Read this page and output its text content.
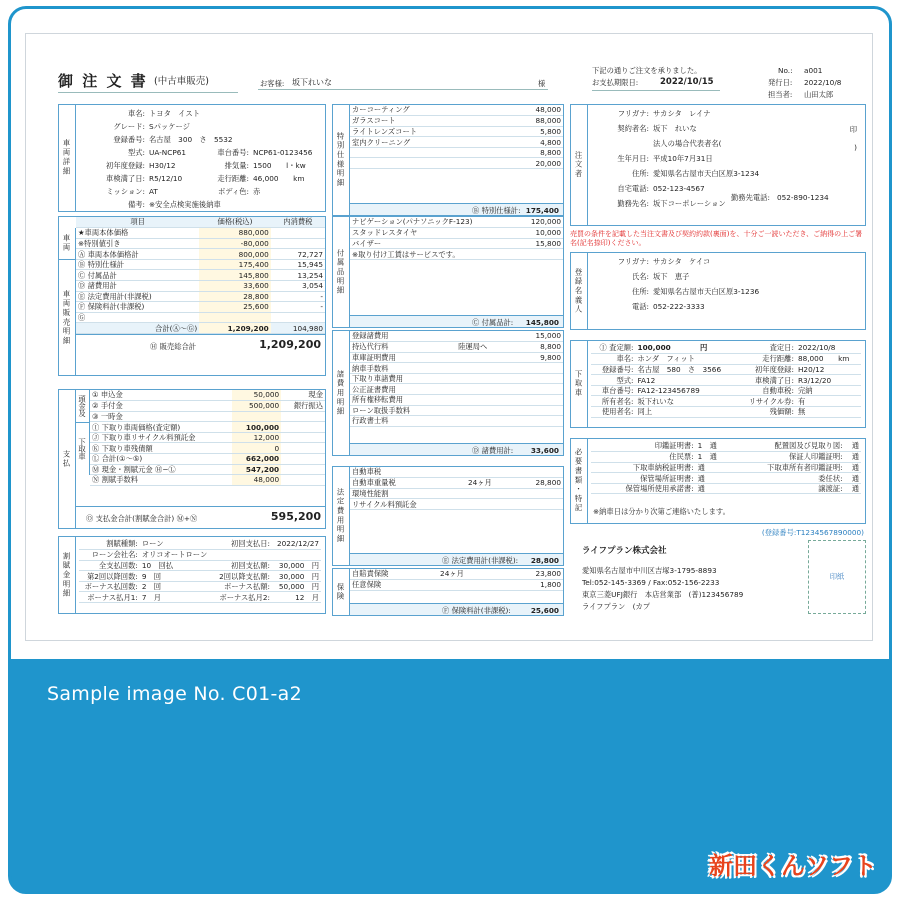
御 注 文 書 (中古車販売)	お客様: 坂下れいな	様
下記の通りご注文を承りました。
お支払期限日:	2022/10/15
No.: a001
発行日: 2022/10/8
担当者: 山田太郎
車両詳細
車名: トヨタ　イスト
グレード: Sパッケージ
登録番号: 名古屋　300　さ　5532
型式: UA-NCP61	車台番号: NCP61-0123456
初年度登録: H30/12	排気量: 1500　　l・kw
車検満了日: R5/12/10	走行距離: 46,000　　km
ミッション: AT	ボディ色: 赤
備考: ※安全点検実施後納車
車両
車両販売明細
項目	価格(税込)	内消費税
★車両本体価格	880,000	
※特別値引き	-80,000	
Ⓐ 車両本体価格計	800,000	72,727
Ⓑ 特別仕様計	175,400	15,945
Ⓒ 付属品計	145,800	13,254
Ⓓ 諸費用計	33,600	3,054
Ⓔ 法定費用計(非課税)	28,800	-
Ⓕ 保険料計(非課税)	25,600	-
Ⓖ		
合計(Ⓐ〜Ⓖ)	1,209,200	104,980
Ⓗ 販売総合計	1,209,200
支払
頭金及
下取車
① 申込金	50,000	現金
② 手付金	500,000	銀行振込
③ 一時金		
Ⓘ 下取り車両価格(査定額)	100,000	
Ⓙ 下取り車リサイクル料預託金	12,000	
Ⓚ 下取り車残債額	0	
Ⓛ 合計(①〜⑤)	662,000	
Ⓜ 現金・割賦元金 Ⓗ−Ⓛ	547,200	
Ⓝ 割賦手数料	48,000	
Ⓞ 支払金合計(割賦金合計) Ⓜ+Ⓝ	595,200
割賦金明細
割賦種類:	ローン	初回支払日:	2022/12/27
ローン会社名:	オリコオートローン		
全支払回数:	10　回払	初回支払額:	30,000　円
第2回以降回数:	9　回	2回以降支払額:	30,000　円
ボーナス払回数:	2　回	ボーナス払額:	50,000　円
ボーナス払月1:	7　月	ボーナス払月2:	12　月
特別仕様明細
カーコーティング	48,000
ガラスコート	88,000
ライトレンズコート	5,800
室内クリーニング	4,800
	8,800
	20,000
Ⓑ 特別仕様計: 175,400
付属品明細
ナビゲーション(パナソニックF-123)	120,000
スタッドレスタイヤ	10,000
バイザー	15,800
※取り付け工賃はサービスです。	
Ⓒ 付属品計: 145,800
諸費用明細
登録諸費用		15,000
持込代行料	陸運局へ	8,800
車庫証明費用		9,800
納車手数料		
下取り車諸費用		
公正証書費用		
所有権移転費用		
ローン取扱手数料		
行政書士料		
Ⓓ 諸費用計: 33,600
法定費用明細
自動車税		
自動車重量税	24ヶ月	28,800
環境性能割		
リサイクル料預託金		
Ⓔ 法定費用計(非課税): 28,800
保険
自賠責保険	24ヶ月	23,800
任意保険		1,800
Ⓕ 保険料計(非課税):	25,600
注文者
フリガナ: サカシタ　レイナ
契約者名: 坂下　れいな
法人の場合代表者名(
生年月日: 平成10年7月31日
住所: 愛知県名古屋市天白区原3-1234
自宅電話: 052-123-4567
勤務先名: 坂下コーポレーション
印
)
勤務先電話: 052-890-1234
売買の条件を記載した当注文書及び契約約款(裏面)を、十分ご一読いただき、ご納得の上ご署名(記名捺印)ください。
登録名義人
フリガナ: サカシタ　ケイコ
氏名: 坂下　恵子
住所: 愛知県名古屋市天白区原3-1236
電話: 052-222-3333
下取車
Ⓘ 査定額:	100,000　　　　円	査定日:	2022/10/8
車名:	ホンダ　フィット	走行距離:	88,000　　km
登録番号:	名古屋　580　さ　3566	初年度登録:	H20/12
型式:	FA12	車検満了日:	R3/12/20
車台番号:	FA12-123456789	自動車税:	完納
所有者名:	坂下れいな	リサイクル券:	有
使用者名:	同上	残価額:	無
必要書類・特記
印鑑証明書:	1　通	配置図及び見取り図:	通
住民票:	1　通	保証人印鑑証明:	通
下取車納税証明書:	通	下取車所有者印鑑証明:	通
保管場所証明書:	通	委任状:	通
保管場所使用承諾書:	通	譲渡証:	通
※納車日は分かり次第ご連絡いたします。
(登録番号:T1234567890000)
ライフプラン株式会社
愛知県名古屋市中川区吉塚3-1795-8893
Tel:052-145-3369 / Fax:052-156-2233
東京三菱UFJ銀行　本店営業部　(普)123456789
ライフプラン　(カプ
印紙
Sample image No. C01-a2
新田くんソフト
